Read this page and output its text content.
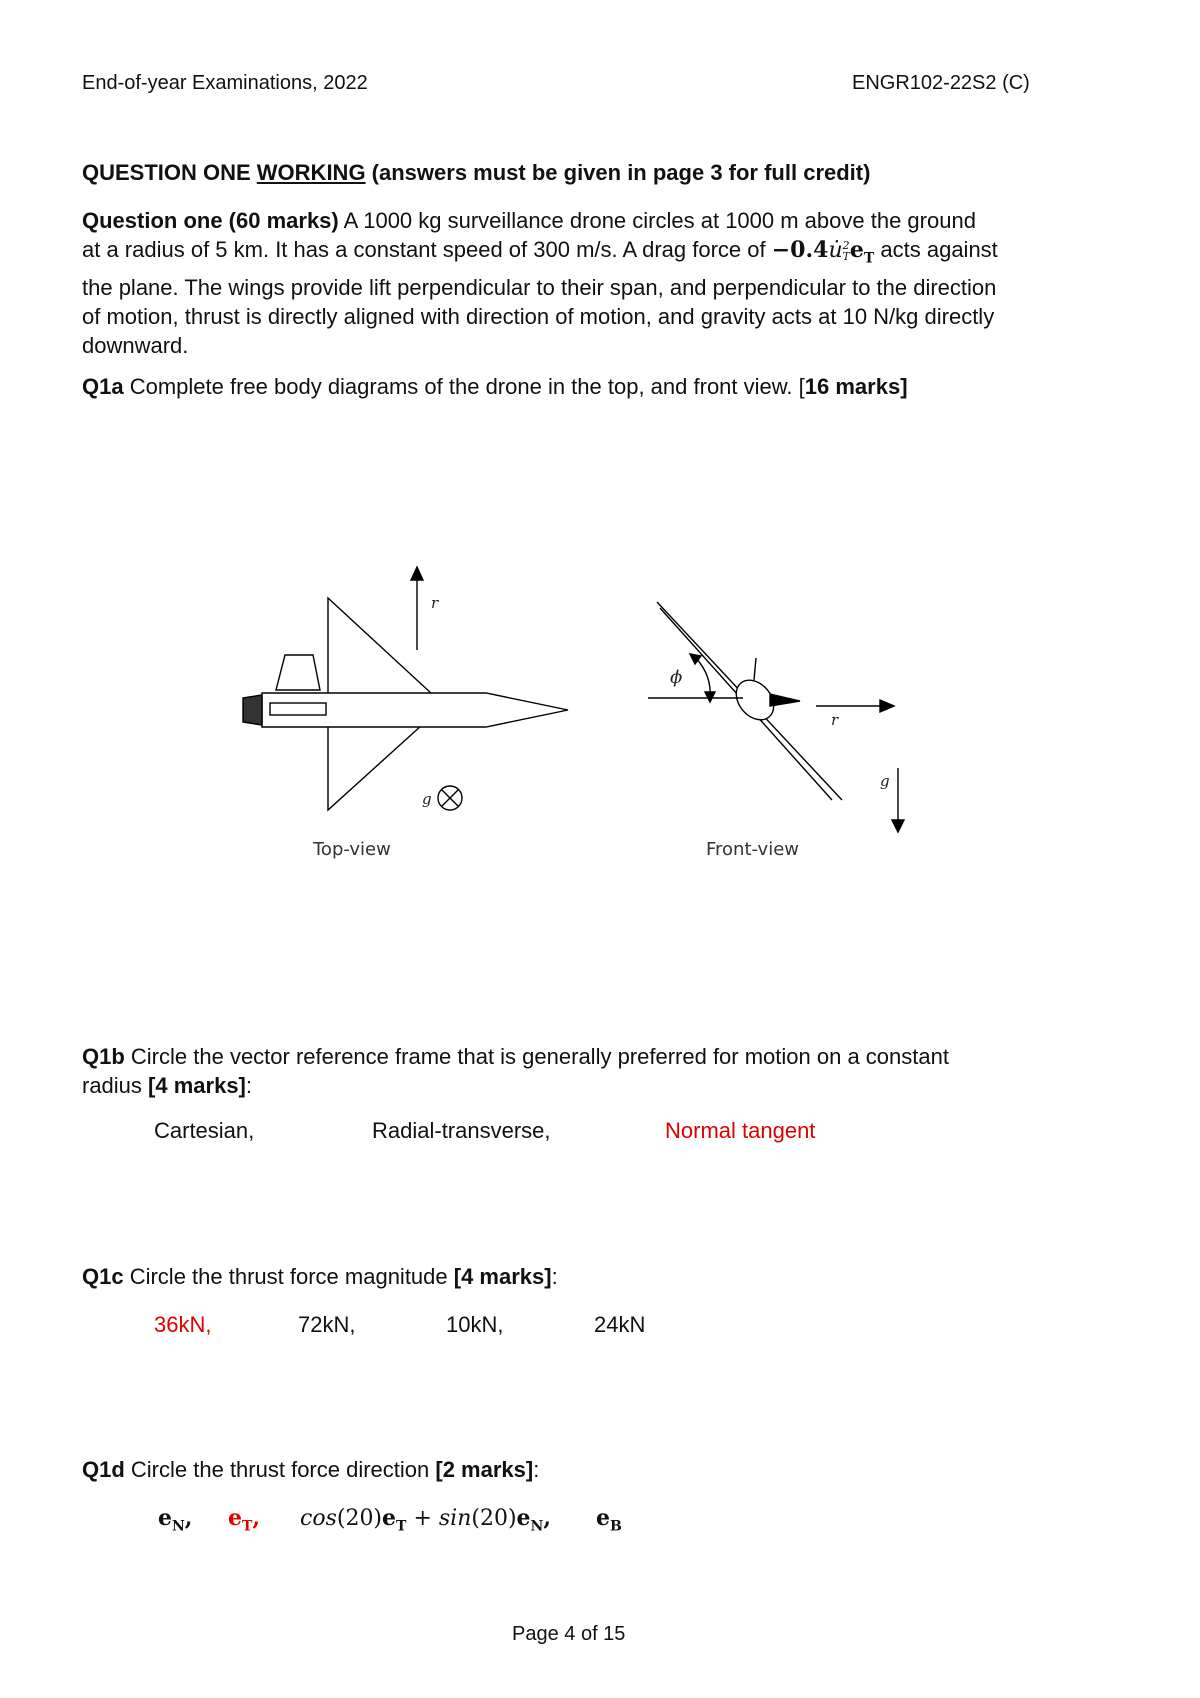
End-of-year Examinations, 2022	ENGR102-22S2 (C)
QUESTION ONE WORKING (answers must be given in page 3 for full credit)
Question one (60 marks) A 1000 kg surveillance drone circles at 1000 m above the ground
at a radius of 5 km. It has a constant speed of 300 m/s. A drag force of −0.4u̇ 2
T $e_T$ acts against
the plane. The wings provide lift perpendicular to their span, and perpendicular to the direction
of motion, thrust is directly aligned with direction of motion, and gravity acts at 10 N/kg directly
downward.
Q1a Complete free body diagrams of the drone in the top, and front view. [16 marks]
r
g
Top-view
ϕ
r
g
Front-view
Q1b Circle the vector reference frame that is generally preferred for motion on a constant
radius [4 marks]:
Cartesian,	Radial-transverse,	Normal tangent
Q1c Circle the thrust force magnitude [4 marks]:
36kN,	72kN,	10kN,	24kN
Q1d Circle the thrust force direction [2 marks]:
$e_N$, $e_T$, $\cos(20)e_T + \sin(20)e_N$, $e_B$
Page 4 of 15
